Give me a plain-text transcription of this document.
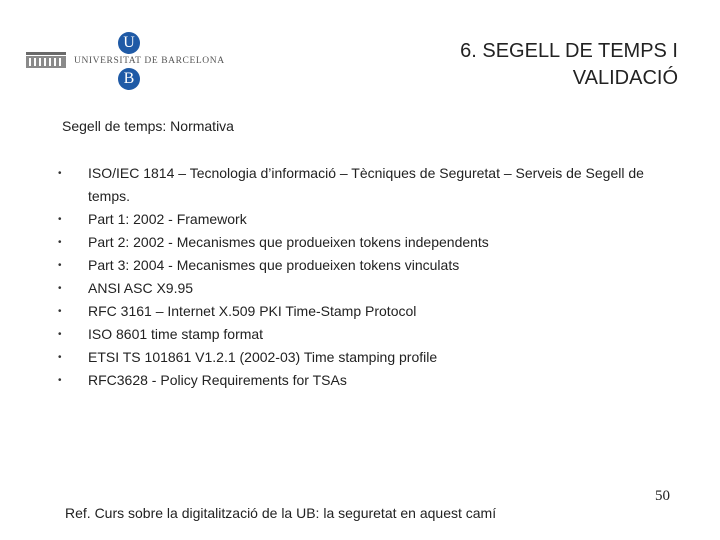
U
UNIVERSITAT DE BARCELONA
B
6. SEGELL DE TEMPS I
VALIDACIÓ
Segell de temps: Normativa
•	ISO/IEC 1814 – Tecnologia d’informació – Tècniques de Seguretat – Serveis de Segell de temps.
•	Part 1: 2002 - Framework
•	Part 2: 2002 - Mecanismes que produeixen tokens independents
•	Part 3: 2004 - Mecanismes que produeixen tokens vinculats
•	ANSI ASC X9.95
•	RFC 3161 – Internet X.509 PKI Time-Stamp Protocol
•	ISO 8601 time stamp format
•	ETSI TS 101861 V1.2.1 (2002-03) Time stamping profile
•	RFC3628 - Policy Requirements for TSAs
Ref. Curs sobre la digitalització de la UB: la seguretat en aquest camí
50
